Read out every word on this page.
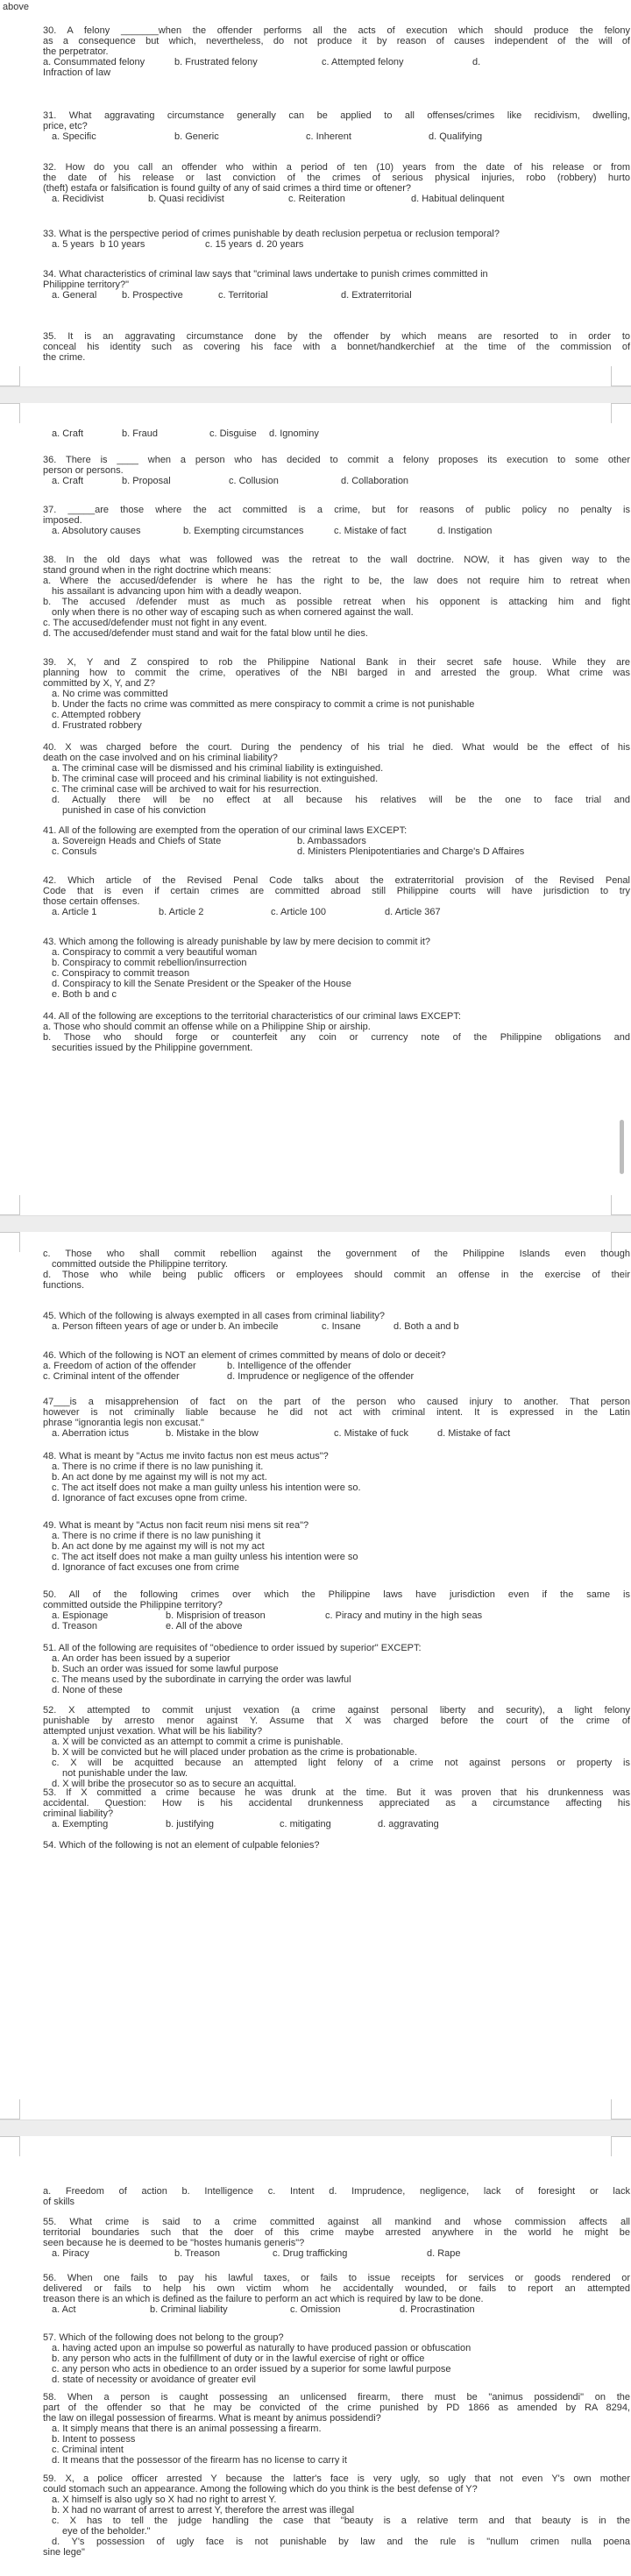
above
30. A felony _______when the offender performs all the acts of execution which should produce the felony
as a consequence but which, nevertheless, do not produce it by reason of causes independent of the will of
the perpetrator.
a. Consummated felony	b. Frustrated felony	c. Attempted felony	d.
Infraction of law
31. What aggravating circumstance generally can be applied to all offenses/crimes like recidivism, dwelling,
price, etc?
a. Specific	b. Generic	c. Inherent	d. Qualifying
32. How do you call an offender who within a period of ten (10) years from the date of his release or from
the date of his release or last conviction of the crimes of serious physical injuries, robo (robbery) hurto
(theft) estafa or falsification is found guilty of any of said crimes a third time or oftener?
a. Recidivist	b. Quasi recidivist	c. Reiteration	d. Habitual delinquent
33. What is the perspective period of crimes punishable by death reclusion perpetua or reclusion temporal?
a. 5 years b 10 years	c. 15 years d. 20 years
34. What characteristics of criminal law says that "criminal laws undertake to punish crimes committed in
Philippine territory?"
a. General	b. Prospective	c. Territorial	d. Extraterritorial
35. It is an aggravating circumstance done by the offender by which means are resorted to in order to
conceal his identity such as covering his face with a bonnet/handkerchief at the time of the commission of
the crime.
a. Craft	b. Fraud	c. Disguise	d. Ignominy
36. There is ____ when a person who has decided to commit a felony proposes its execution to some other
person or persons.
a. Craft	b. Proposal	c. Collusion	d. Collaboration
37. _____are those where the act committed is a crime, but for reasons of public policy no penalty is
imposed.
a. Absolutory causes	b. Exempting circumstances	c. Mistake of fact	d. Instigation
38. In the old days what was followed was the retreat to the wall doctrine. NOW, it has given way to the
stand ground when in the right doctrine which means:
a. Where the accused/defender is where he has the right to be, the law does not require him to retreat when
his assailant is advancing upon him with a deadly weapon.
b. The accused /defender must as much as possible retreat when his opponent is attacking him and fight
only when there is no other way of escaping such as when cornered against the wall.
c. The accused/defender must not fight in any event.
d. The accused/defender must stand and wait for the fatal blow until he dies.
39. X, Y and Z conspired to rob the Philippine National Bank in their secret safe house. While they are
planning how to commit the crime, operatives of the NBI barged in and arrested the group. What crime was
committed by X, Y, and Z?
a. No crime was committed
b. Under the facts no crime was committed as mere conspiracy to commit a crime is not punishable
c. Attempted robbery
d. Frustrated robbery
40. X was charged before the court. During the pendency of his trial he died. What would be the effect of his
death on the case involved and on his criminal liability?
a. The criminal case will be dismissed and his criminal liability is extinguished.
b. The criminal case will proceed and his criminal liability is not extinguished.
c. The criminal case will be archived to wait for his resurrection.
d. Actually there will be no effect at all because his relatives will be the one to face trial and
punished in case of his conviction
41. All of the following are exempted from the operation of our criminal laws EXCEPT:
a. Sovereign Heads and Chiefs of State	b. Ambassadors
c. Consuls	d. Ministers Plenipotentiaries and Charge's D Affaires
42. Which article of the Revised Penal Code talks about the extraterritorial provision of the Revised Penal
Code that is even if certain crimes are committed abroad still Philippine courts will have jurisdiction to try
those certain offenses.
a. Article 1	b. Article 2	c. Article 100	d. Article 367
43. Which among the following is already punishable by law by mere decision to commit it?
a. Conspiracy to commit a very beautiful woman
b. Conspiracy to commit rebellion/insurrection
c. Conspiracy to commit treason
d. Conspiracy to kill the Senate President or the Speaker of the House
e. Both b and c
44. All of the following are exceptions to the territorial characteristics of our criminal laws EXCEPT:
a. Those who should commit an offense while on a Philippine Ship or airship.
b. Those who should forge or counterfeit any coin or currency note of the Philippine obligations and
securities issued by the Philippine government.
c. Those who shall commit rebellion against the government of the Philippine Islands even though
committed outside the Philippine territory.
d. Those who while being public officers or employees should commit an offense in the exercise of their
functions.
45. Which of the following is always exempted in all cases from criminal liability?
a. Person fifteen years of age or under b. An imbecile	c. Insane	d. Both a and b
46. Which of the following is NOT an element of crimes committed by means of dolo or deceit?
a. Freedom of action of the offender	b. Intelligence of the offender
c. Criminal intent of the offender	d. Imprudence or negligence of the offender
47___is a misapprehension of fact on the part of the person who caused injury to another. That person
however is not criminally liable because he did not act with criminal intent. It is expressed in the Latin
phrase "ignorantia legis non excusat."
a. Aberration ictus	b. Mistake in the blow	c. Mistake of fuck	d. Mistake of fact
48. What is meant by "Actus me invito factus non est meus actus"?
a. There is no crime if there is no law punishing it.
b. An act done by me against my will is not my act.
c. The act itself does not make a man guilty unless his intention were so.
d. Ignorance of fact excuses opne from crime.
49. What is meant by "Actus non facit reum nisi mens sit rea"?
a. There is no crime if there is no law punishing it
b. An act done by me against my will is not my act
c. The act itself does not make a man guilty unless his intention were so
d. Ignorance of fact excuses one from crime
50. All of the following crimes over which the Philippine laws have jurisdiction even if the same is
committed outside the Philippine territory?
a. Espionage	b. Misprision of treason	c. Piracy and mutiny in the high seas
d. Treason	e. All of the above
51. All of the following are requisites of "obedience to order issued by superior" EXCEPT:
a. An order has been issued by a superior
b. Such an order was issued for some lawful purpose
c. The means used by the subordinate in carrying the order was lawful
d. None of these
52. X attempted to commit unjust vexation (a crime against personal liberty and security), a light felony
punishable by arresto menor against Y. Assume that X was charged before the court of the crime of
attempted unjust vexation. What will be his liability?
a. X will be convicted as an attempt to commit a crime is punishable.
b. X will be convicted but he will placed under probation as the crime is probationable.
c. X will be acquitted because an attempted light felony of a crime not against persons or property is
not punishable under the law.
d. X will bribe the prosecutor so as to secure an acquittal.
53. If X committed a crime because he was drunk at the time. But it was proven that his drunkenness was
accidental. Question: How is his accidental drunkenness appreciated as a circumstance affecting his
criminal liability?
a. Exempting	b. justifying	c. mitigating	d. aggravating
54. Which of the following is not an element of culpable felonies?
a. Freedom of action b. Intelligence c. Intent d. Imprudence, negligence, lack of foresight or lack
of skills
55. What crime is said to a crime committed against all mankind and whose commission affects all
territorial boundaries such that the doer of this crime maybe arrested anywhere in the world he might be
seen because he is deemed to be "hostes humanis generis"?
a. Piracy	b. Treason	c. Drug trafficking	d. Rape
56. When one fails to pay his lawful taxes, or fails to issue receipts for services or goods rendered or
delivered or fails to help his own victim whom he accidentally wounded, or fails to report an attempted
treason there is an which is defined as the failure to perform an act which is required by law to be done.
a. Act	b. Criminal liability	c. Omission	d. Procrastination
57. Which of the following does not belong to the group?
a. having acted upon an impulse so powerful as naturally to have produced passion or obfuscation
b. any person who acts in the fulfillment of duty or in the lawful exercise of right or office
c. any person who acts in obedience to an order issued by a superior for some lawful purpose
d. state of necessity or avoidance of greater evil
58. When a person is caught possessing an unlicensed firearm, there must be "animus possidendi" on the
part of the offender so that he may be convicted of the crime punished by PD 1866 as amended by RA 8294,
the law on illegal possession of firearms. What is meant by animus possidendi?
a. It simply means that there is an animal possessing a firearm.
b. Intent to possess
c. Criminal intent
d. It means that the possessor of the firearm has no license to carry it
59. X, a police officer arrested Y because the latter's face is very ugly, so ugly that not even Y's own mother
could stomach such an appearance. Among the following which do you think is the best defense of Y?
a. X himself is also ugly so X had no right to arrest Y.
b. X had no warrant of arrest to arrest Y, therefore the arrest was illegal
c. X has to tell the judge handling the case that "beauty is a relative term and that beauty is in the
eye of the beholder."
d. Y's possession of ugly face is not punishable by law and the rule is "nullum crimen nulla poena
sine lege"
